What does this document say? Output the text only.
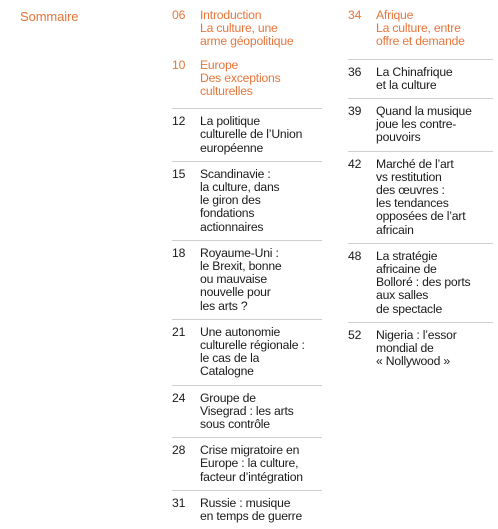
Sommaire	06	Introduction
La culture, une
arme géopolitique
10	Europe
Des exceptions
culturelles
12	La politique
culturelle de l’Union
européenne
15	Scandinavie :
la culture, dans
le giron des
fondations
actionnaires
18	Royaume-Uni :
le Brexit, bonne
ou mauvaise
nouvelle pour
les arts ?
21	Une autonomie
culturelle régionale :
le cas de la
Catalogne
24	Groupe de
Visegrad : les arts
sous contrôle
28	Crise migratoire en
Europe : la culture,
facteur d’intégration
31	Russie : musique
en temps de guerre
34	Afrique
La culture, entre
offre et demande
36	La Chinafrique
et la culture
39	Quand la musique
joue les contre-
pouvoirs
42	Marché de l’art
vs restitution
des œuvres :
les tendances
opposées de l’art
africain
48	La stratégie
africaine de
Bolloré : des ports
aux salles
de spectacle
52	Nigeria : l’essor
mondial de
« Nollywood »
